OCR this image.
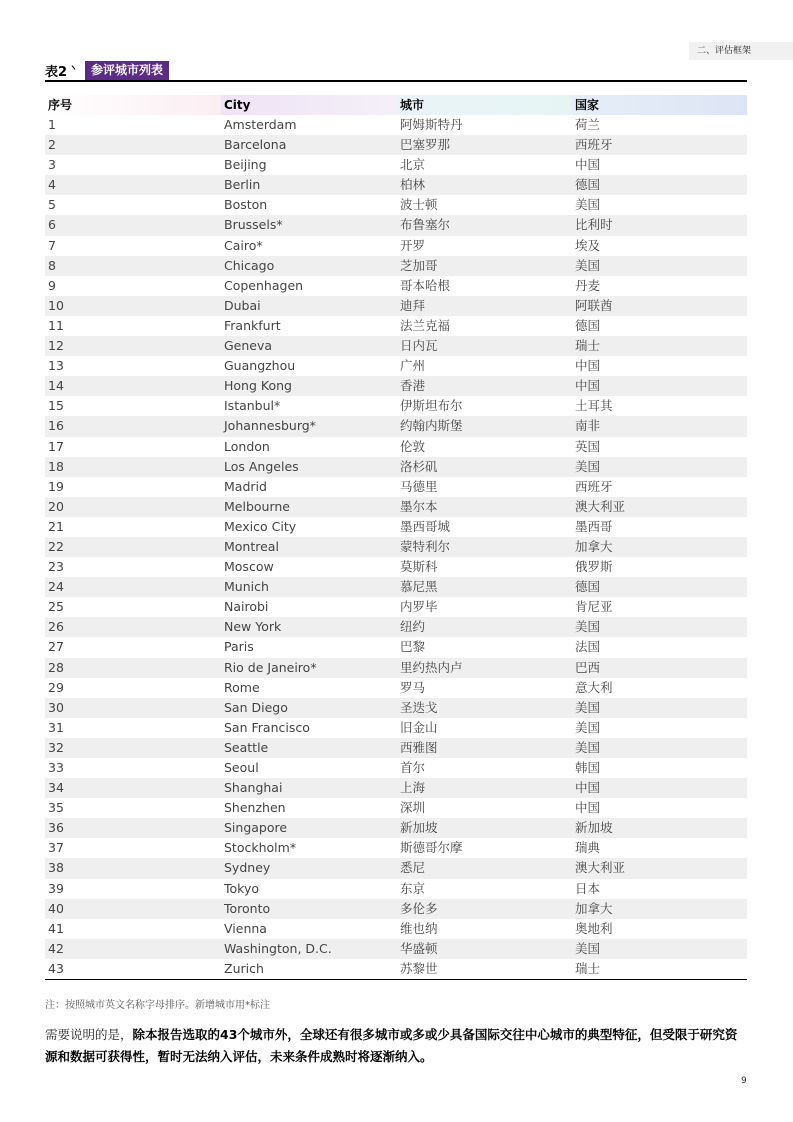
二、评估框架
表2	参评城市列表
序号	City	城市	国家
1	Amsterdam	阿姆斯特丹	荷兰
2	Barcelona	巴塞罗那	西班牙
3	Beijing	北京	中国
4	Berlin	柏林	德国
5	Boston	波士顿	美国
6	Brussels*	布鲁塞尔	比利时
7	Cairo*	开罗	埃及
8	Chicago	芝加哥	美国
9	Copenhagen	哥本哈根	丹麦
10	Dubai	迪拜	阿联酋
11	Frankfurt	法兰克福	德国
12	Geneva	日内瓦	瑞士
13	Guangzhou	广州	中国
14	Hong Kong	香港	中国
15	Istanbul*	伊斯坦布尔	土耳其
16	Johannesburg*	约翰内斯堡	南非
17	London	伦敦	英国
18	Los Angeles	洛杉矶	美国
19	Madrid	马德里	西班牙
20	Melbourne	墨尔本	澳大利亚
21	Mexico City	墨西哥城	墨西哥
22	Montreal	蒙特利尔	加拿大
23	Moscow	莫斯科	俄罗斯
24	Munich	慕尼黑	德国
25	Nairobi	内罗毕	肯尼亚
26	New York	纽约	美国
27	Paris	巴黎	法国
28	Rio de Janeiro*	里约热内卢	巴西
29	Rome	罗马	意大利
30	San Diego	圣迭戈	美国
31	San Francisco	旧金山	美国
32	Seattle	西雅图	美国
33	Seoul	首尔	韩国
34	Shanghai	上海	中国
35	Shenzhen	深圳	中国
36	Singapore	新加坡	新加坡
37	Stockholm*	斯德哥尔摩	瑞典
38	Sydney	悉尼	澳大利亚
39	Tokyo	东京	日本
40	Toronto	多伦多	加拿大
41	Vienna	维也纳	奥地利
42	Washington, D.C.	华盛顿	美国
43	Zurich	苏黎世	瑞士
注：按照城市英文名称字母排序。新增城市用*标注

需要说明的是，除本报告选取的43个城市外，全球还有很多城市或多或少具备国际交往中心城市的典型特征，但受限于研究资源和数据可获得性，暂时无法纳入评估，未来条件成熟时将逐渐纳入。

9
